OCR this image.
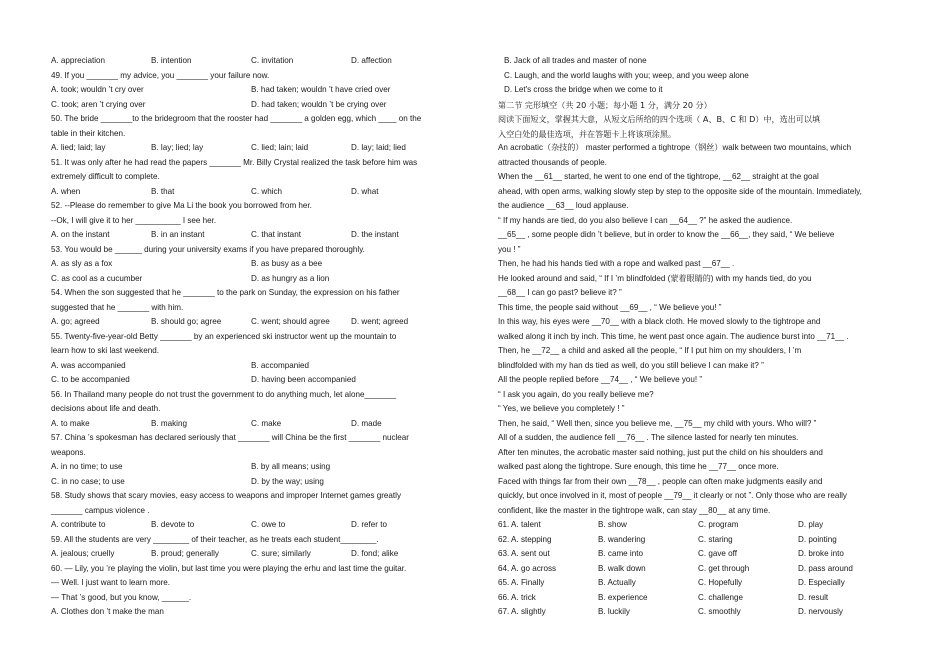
A. appreciation	B. intention	C. invitation	D. affection
49. If you _______ my advice, you _______ your failure now.
A. took; wouldn ’t cry over	B. had taken; wouldn ’t have cried over
C. took; aren ’t crying over	D. had taken; wouldn ’t be crying over
50. The bride _______to the bridegroom that the rooster had _______ a golden egg, which ____ on the
table in their kitchen.
A. lied; laid; lay	B. lay; lied; lay	C. lied; lain; laid	D. lay; laid; lied
51. It was only after he had read the papers _______ Mr. Billy Crystal realized the task before him was
extremely difficult to complete.
A. when	B. that	C. which	D. what
52. --Please do remember to give Ma Li the book you borrowed from her.
--Ok, I will give it to her __________ I see her.
A. on the instant	B. in an instant	C. that instant	D. the instant
53. You would be ______ during your university exams if you have prepared thoroughly.
A. as sly as a fox	B. as busy as a bee
C. as cool as a cucumber	D. as hungry as a lion
54. When the son suggested that he _______ to the park on Sunday, the expression on his father
suggested that he _______ with him.
A. go; agreed	B. should go; agree	C. went; should agree	D. went; agreed
55. Twenty-five-year-old Betty _______ by an experienced ski instructor went up the mountain to
learn how to ski last weekend.
A. was accompanied	B. accompanied
C. to be accompanied	D. having been accompanied
56. In Thailand many people do not trust the government to do anything much, let alone_______
decisions about life and death.
A. to make	B. making	C. make	D. made
57. China ’s spokesman has declared seriously that _______ will China be the first _______ nuclear
weapons.
A. in no time; to use	B. by all means; using
C. in no case; to use	D. by the way; using
58. Study shows that scary movies, easy access to weapons and improper Internet games greatly
_______ campus violence .
A. contribute to	B. devote to	C. owe to	D. refer to
59. All the students are very ________ of their teacher, as he treats each student________.
A. jealous; cruelly	B. proud; generally	C. sure; similarly	D. fond; alike
60. — Lily, you ’re playing the violin, but last time you were playing the erhu and last time the guitar.
— Well. I just want to learn more.
— That ’s good, but you know, ______.
A. Clothes don ’t make the man
B. Jack of all trades and master of none
C. Laugh, and the world laughs with you; weep, and you weep alone
D. Let's cross the bridge when we come to it
第二节 完形填空（共 20 小题；每小题 1 分，满分 20 分）
阅读下面短文，掌握其大意，从短文后所给的四个选项（ A、B、C 和 D）中，选出可以填
入空白处的最佳选项，并在答题卡上将该项涂黑。
An acrobatic（杂技的） master performed a tightrope（钢丝）walk between two mountains, which
attracted thousands of people.
When the __61__ started, he went to one end of the tightrope, __62__ straight at the goal
ahead, with open arms, walking slowly step by step to the opposite side of the mountain. Immediately,
the audience __63__ loud applause.
“ If my hands are tied, do you also believe I can __64__ ?” he asked the audience.
__65__ , some people didn ’t believe, but in order to know the __66__, they said, “ We believe
you ! ”
Then, he had his hands tied with a rope and walked past __67__ .
He looked around and said, “ If I ’m blindfolded (蒙着眼睛的) with my hands tied, do you
__68__ I can go past? believe it? ”
This time, the people said without __69__ , “ We believe you! ”
In this way, his eyes were __70__ with a black cloth. He moved slowly to the tightrope and
walked along it inch by inch. This time, he went past once again. The audience burst into __71__ .
Then, he __72__ a child and asked all the people, “ If I put him on my shoulders, I ’m
blindfolded with my han ds tied as well, do you still believe I can make it? ”
All the people replied before __74__ , “ We believe you! ”
“ I ask you again, do you really believe me?
“ Yes, we believe you completely ! ”
Then, he said, “ Well then, since you believe me, __75__ my child with yours. Who will? ”
All of a sudden, the audience fell __76__ . The silence lasted for nearly ten minutes.
After ten minutes, the acrobatic master said nothing, just put the child on his shoulders and
walked past along the tightrope. Sure enough, this time he __77__ once more.
Faced with things far from their own __78__ , people can often make judgments easily and
quickly, but once involved in it, most of people __79__ it clearly or not ”. Only those who are really
confident, like the master in the tightrope walk, can stay __80__ at any time.
61. A. talent	B. show	C. program	D. play
62. A. stepping	B. wandering	C. staring	D. pointing
63. A. sent out	B. came into	C. gave off	D. broke into
64. A. go across	B. walk down	C. get through	D. pass around
65. A. Finally	B. Actually	C. Hopefully	D. Especially
66. A. trick	B. experience	C. challenge	D. result
67. A. slightly	B. luckily	C. smoothly	D. nervously
